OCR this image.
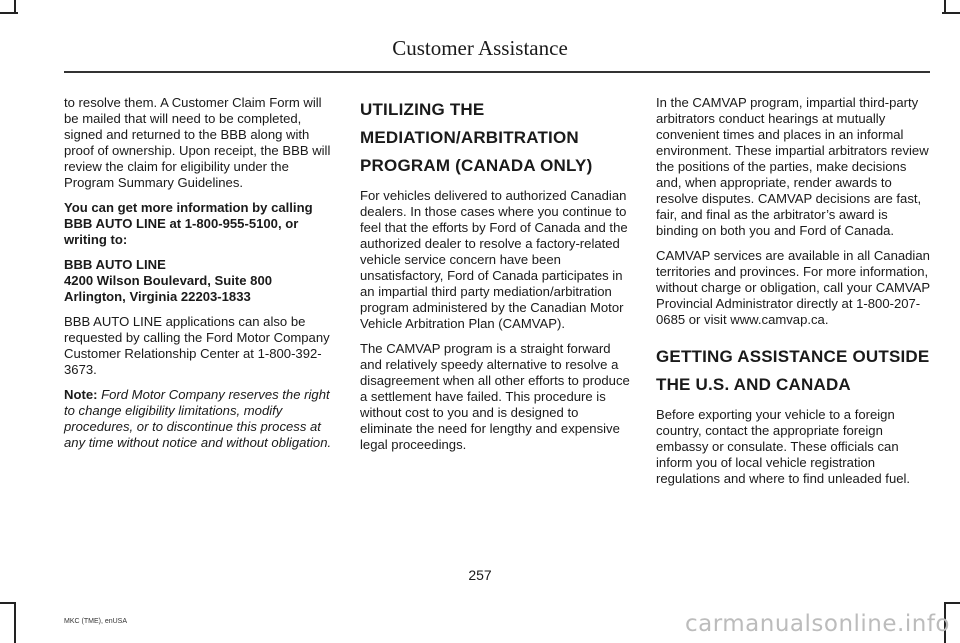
Customer Assistance

to resolve them. A Customer Claim Form will be mailed that will need to be completed, signed and returned to the BBB along with proof of ownership. Upon receipt, the BBB will review the claim for eligibility under the Program Summary Guidelines.

You can get more information by calling BBB AUTO LINE at 1-800-955-5100, or writing to:

BBB AUTO LINE
4200 Wilson Boulevard, Suite 800
Arlington, Virginia 22203-1833

BBB AUTO LINE applications can also be requested by calling the Ford Motor Company Customer Relationship Center at 1-800-392-3673.

Note: Ford Motor Company reserves the right to change eligibility limitations, modify procedures, or to discontinue this process at any time without notice and without obligation.

UTILIZING THE
MEDIATION/ARBITRATION
PROGRAM (CANADA ONLY)

For vehicles delivered to authorized Canadian dealers. In those cases where you continue to feel that the efforts by Ford of Canada and the authorized dealer to resolve a factory-related vehicle service concern have been unsatisfactory, Ford of Canada participates in an impartial third party mediation/arbitration program administered by the Canadian Motor Vehicle Arbitration Plan (CAMVAP).

The CAMVAP program is a straight forward and relatively speedy alternative to resolve a disagreement when all other efforts to produce a settlement have failed. This procedure is without cost to you and is designed to eliminate the need for lengthy and expensive legal proceedings.

In the CAMVAP program, impartial third-party arbitrators conduct hearings at mutually convenient times and places in an informal environment. These impartial arbitrators review the positions of the parties, make decisions and, when appropriate, render awards to resolve disputes. CAMVAP decisions are fast, fair, and final as the arbitrator’s award is binding on both you and Ford of Canada.

CAMVAP services are available in all Canadian territories and provinces. For more information, without charge or obligation, call your CAMVAP Provincial Administrator directly at 1-800-207-0685 or visit www.camvap.ca.

GETTING ASSISTANCE OUTSIDE
THE U.S. AND CANADA

Before exporting your vehicle to a foreign country, contact the appropriate foreign embassy or consulate. These officials can inform you of local vehicle registration regulations and where to find unleaded fuel.

257
MKC (TME), enUSA	carmanualsonline.info
